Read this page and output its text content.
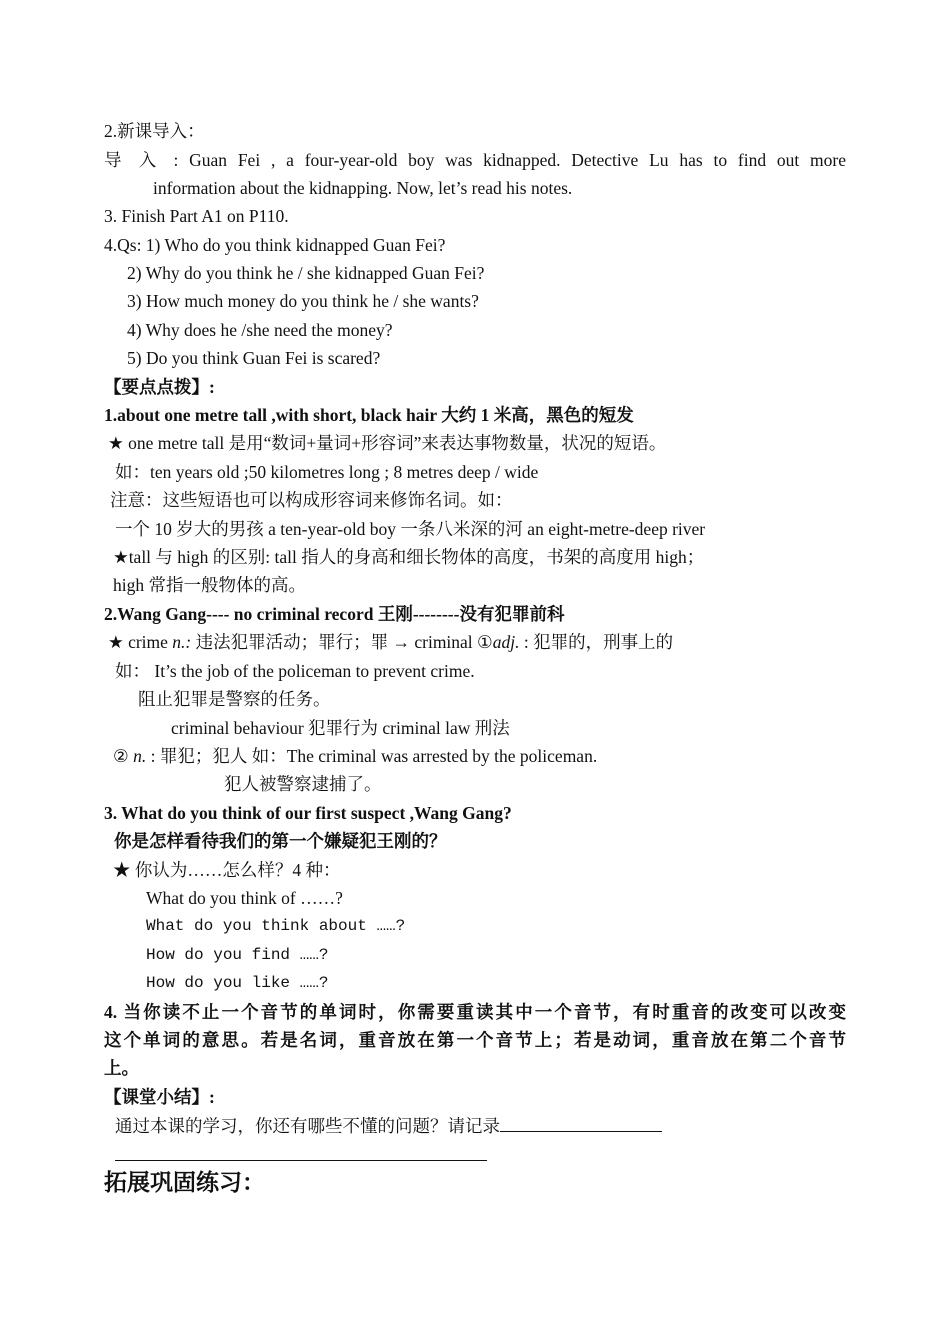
2.新课导入：
导 入 : Guan Fei , a four-year-old boy was kidnapped. Detective Lu has to find out more
information about the kidnapping. Now, let’s read his notes.
3. Finish Part A1 on P110.
4.Qs: 1) Who do you think kidnapped Guan Fei?
2) Why do you think he / she kidnapped Guan Fei?
3) How much money do you think he / she wants?
4) Why does he /she need the money?
5) Do you think Guan Fei is scared?
【要点点拨】:
1.about one metre tall ,with short, black hair 大约 1 米高，黑色的短发
★ one metre tall 是用“数词+量词+形容词”来表达事物数量，状况的短语。
如：ten years old ;50 kilometres long ; 8 metres deep / wide
注意：这些短语也可以构成形容词来修饰名词。如：
一个 10 岁大的男孩 a ten-year-old boy 一条八米深的河 an eight-metre-deep river
★tall 与 high 的区别: tall 指人的身高和细长物体的高度，书架的高度用 high；
high 常指一般物体的高。
2.Wang Gang---- no criminal record 王刚--------没有犯罪前科
★ crime n.: 违法犯罪活动；罪行；罪 → criminal ①adj. : 犯罪的，刑事上的
如： It’s the job of the policeman to prevent crime.
阻止犯罪是警察的任务。
criminal behaviour 犯罪行为 criminal law 刑法
② n. : 罪犯；犯人 如：The criminal was arrested by the policeman.
犯人被警察逮捕了。
3. What do you think of our first suspect ,Wang Gang?
你是怎样看待我们的第一个嫌疑犯王刚的？
★ 你认为……怎么样？4 种：
What do you think of ……?
What do you think about ……?
How do you find ……?
How do you like ……?
4. 当你读不止一个音节的单词时，你需要重读其中一个音节，有时重音的改变可以改变
这个单词的意思。若是名词，重音放在第一个音节上；若是动词，重音放在第二个音节
上。
【课堂小结】:
通过本课的学习，你还有哪些不懂的问题？请记录
拓展巩固练习：
